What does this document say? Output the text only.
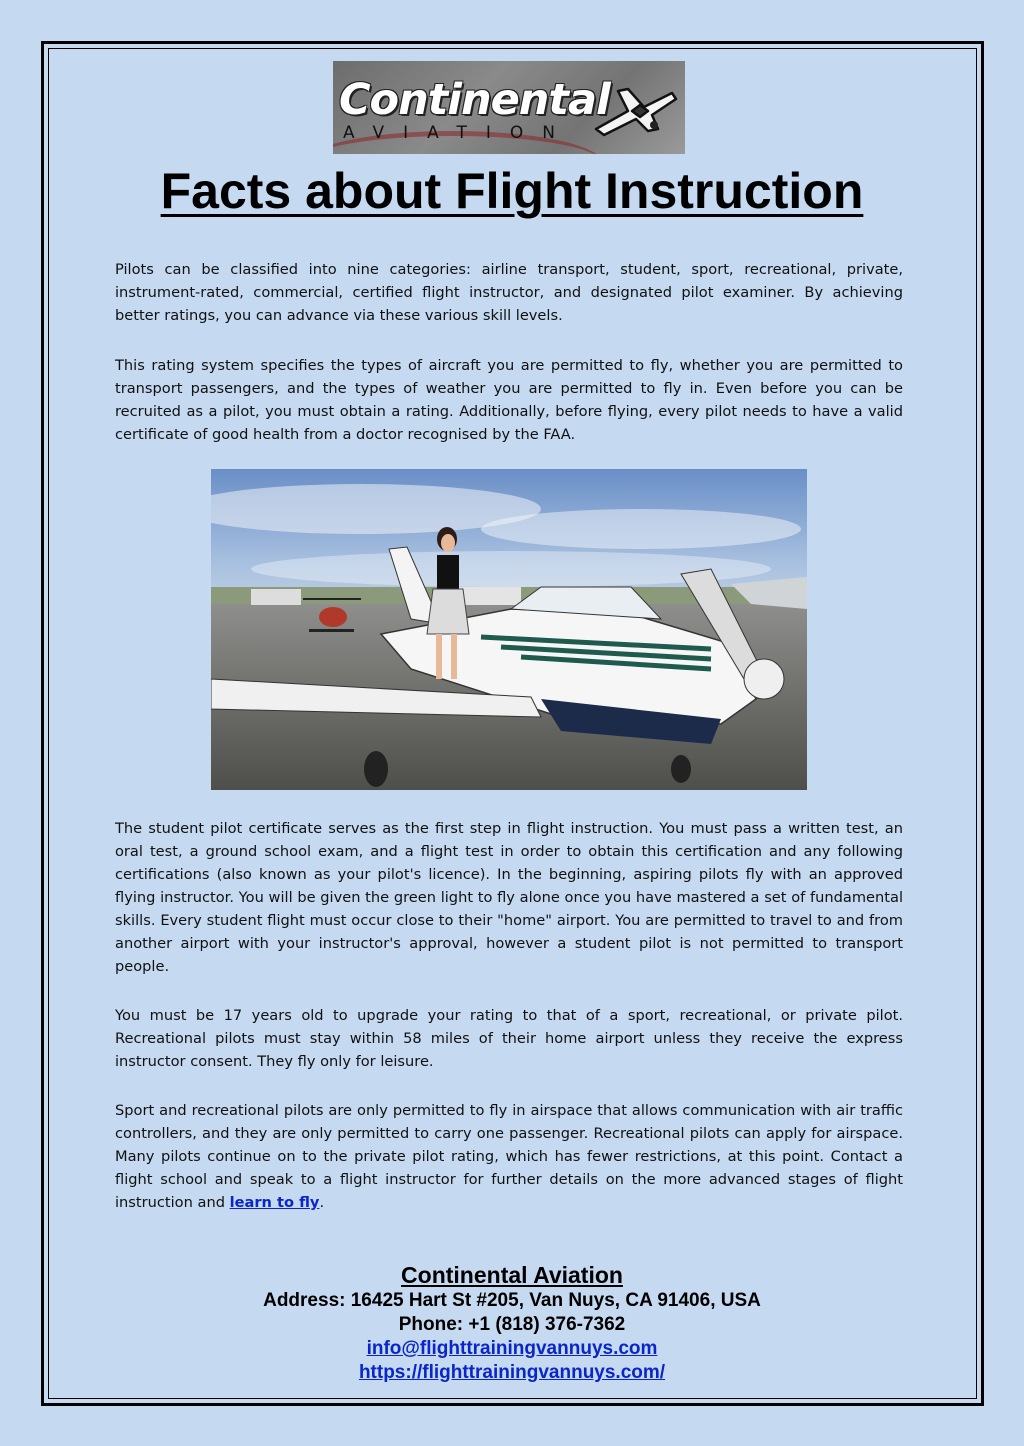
Continental
AVIATION
Facts about Flight Instruction

Pilots can be classified into nine categories: airline transport, student, sport, recreational, private, instrument-rated, commercial, certified flight instructor, and designated pilot examiner. By achieving better ratings, you can advance via these various skill levels.

This rating system specifies the types of aircraft you are permitted to fly, whether you are permitted to transport passengers, and the types of weather you are permitted to fly in. Even before you can be recruited as a pilot, you must obtain a rating. Additionally, before flying, every pilot needs to have a valid certificate of good health from a doctor recognised by the FAA.

The student pilot certificate serves as the first step in flight instruction. You must pass a written test, an oral test, a ground school exam, and a flight test in order to obtain this certification and any following certifications (also known as your pilot's licence). In the beginning, aspiring pilots fly with an approved flying instructor. You will be given the green light to fly alone once you have mastered a set of fundamental skills. Every student flight must occur close to their "home" airport. You are permitted to travel to and from another airport with your instructor's approval, however a student pilot is not permitted to transport people.

You must be 17 years old to upgrade your rating to that of a sport, recreational, or private pilot. Recreational pilots must stay within 58 miles of their home airport unless they receive the express instructor consent. They fly only for leisure.

Sport and recreational pilots are only permitted to fly in airspace that allows communication with air traffic controllers, and they are only permitted to carry one passenger. Recreational pilots can apply for airspace. Many pilots continue on to the private pilot rating, which has fewer restrictions, at this point. Contact a flight school and speak to a flight instructor for further details on the more advanced stages of flight instruction and learn to fly.

Continental Aviation
Address: 16425 Hart St #205, Van Nuys, CA 91406, USA
Phone: +1 (818) 376-7362
info@flighttrainingvannuys.com
https://flighttrainingvannuys.com/
